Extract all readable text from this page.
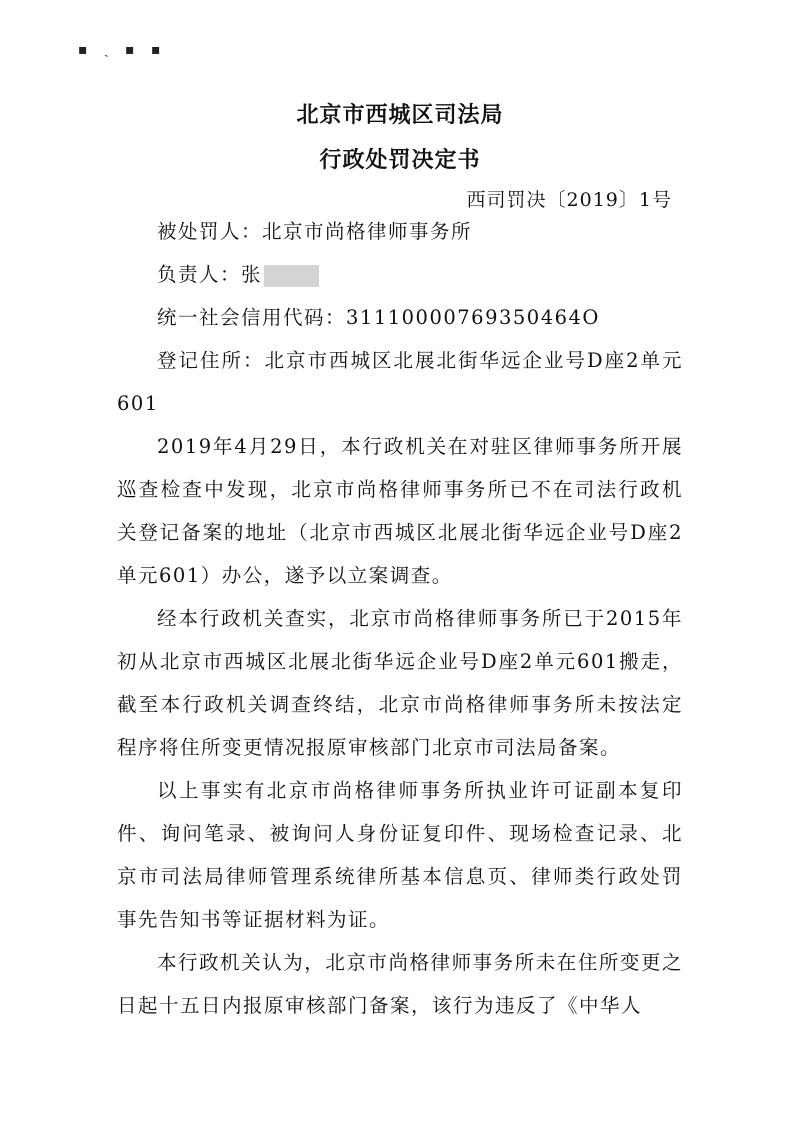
▪ ˎ ▪ ▪
北京市西城区司法局
行政处罚决定书
西司罚决〔2019〕1号

被处罚人：北京市尚格律师事务所

负责人：张

统一社会信用代码：31110000769350464O

登记住所：北京市西城区北展北街华远企业号D座2单元601

2019年4月29日，本行政机关在对驻区律师事务所开展巡查检查中发现，北京市尚格律师事务所已不在司法行政机关登记备案的地址（北京市西城区北展北街华远企业号D座2单元601）办公，遂予以立案调查。

经本行政机关查实，北京市尚格律师事务所已于2015年初从北京市西城区北展北街华远企业号D座2单元601搬走，截至本行政机关调查终结，北京市尚格律师事务所未按法定程序将住所变更情况报原审核部门北京市司法局备案。

以上事实有北京市尚格律师事务所执业许可证副本复印件、询问笔录、被询问人身份证复印件、现场检查记录、北京市司法局律师管理系统律所基本信息页、律师类行政处罚事先告知书等证据材料为证。

本行政机关认为，北京市尚格律师事务所未在住所变更之日起十五日内报原审核部门备案，该行为违反了《中华人
